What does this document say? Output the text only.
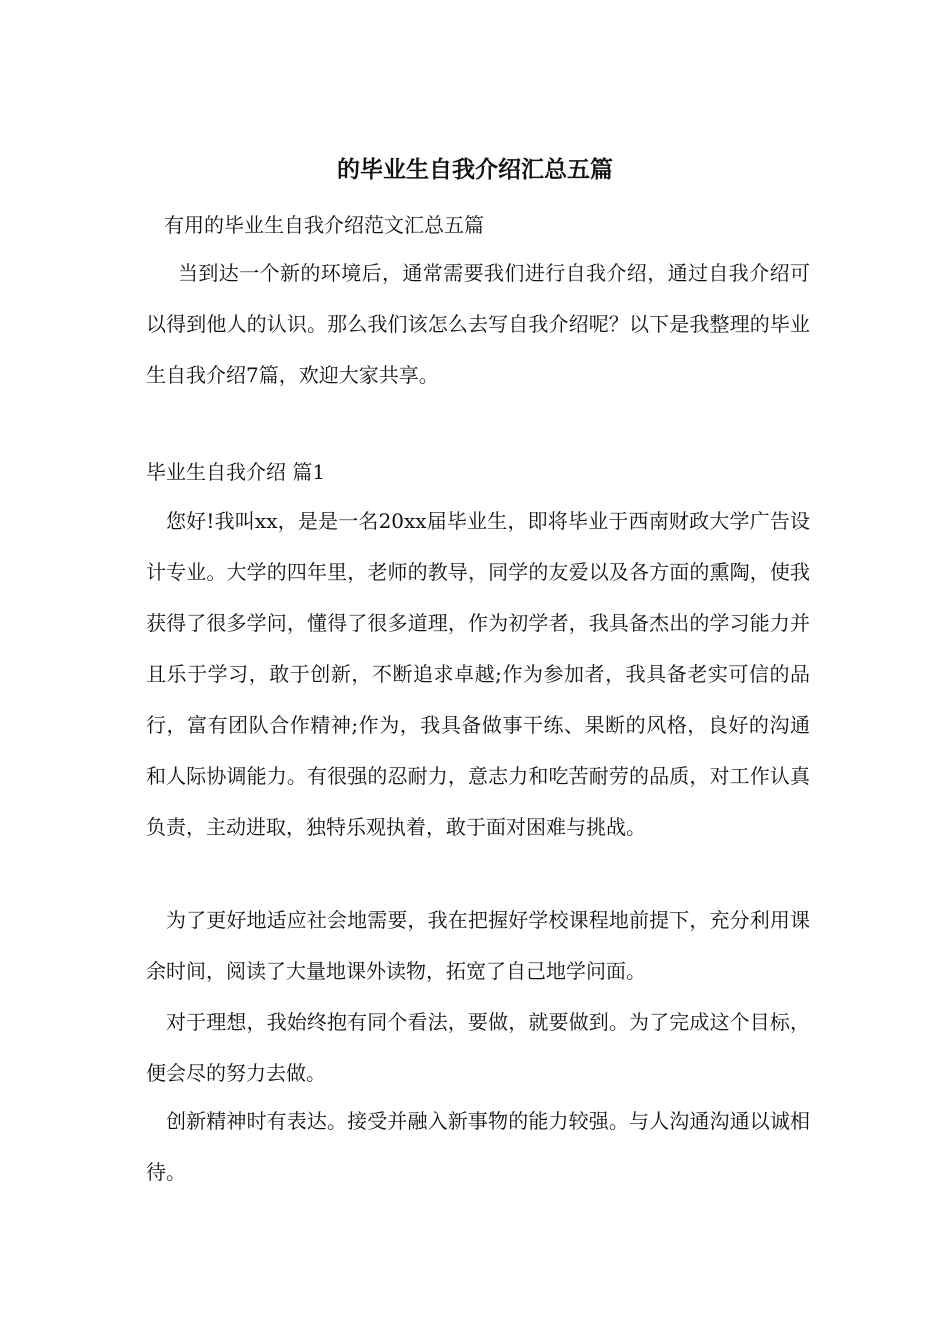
的毕业生自我介绍汇总五篇

有用的毕业生自我介绍范文汇总五篇

当到达一个新的环境后，通常需要我们进行自我介绍，通过自我介绍可以得到他人的认识。那么我们该怎么去写自我介绍呢？以下是我整理的毕业生自我介绍7篇，欢迎大家共享。

毕业生自我介绍 篇1

您好!我叫xx，是是一名20xx届毕业生，即将毕业于西南财政大学广告设计专业。大学的四年里，老师的教导，同学的友爱以及各方面的熏陶，使我获得了很多学问，懂得了很多道理，作为初学者，我具备杰出的学习能力并且乐于学习，敢于创新，不断追求卓越;作为参加者，我具备老实可信的品行，富有团队合作精神;作为，我具备做事干练、果断的风格，良好的沟通和人际协调能力。有很强的忍耐力，意志力和吃苦耐劳的品质，对工作认真负责，主动进取，独特乐观执着，敢于面对困难与挑战。

为了更好地适应社会地需要，我在把握好学校课程地前提下，充分利用课余时间，阅读了大量地课外读物，拓宽了自己地学问面。

对于理想，我始终抱有同个看法，要做，就要做到。为了完成这个目标，便会尽的努力去做。

创新精神时有表达。接受并融入新事物的能力较强。与人沟通沟通以诚相待。
